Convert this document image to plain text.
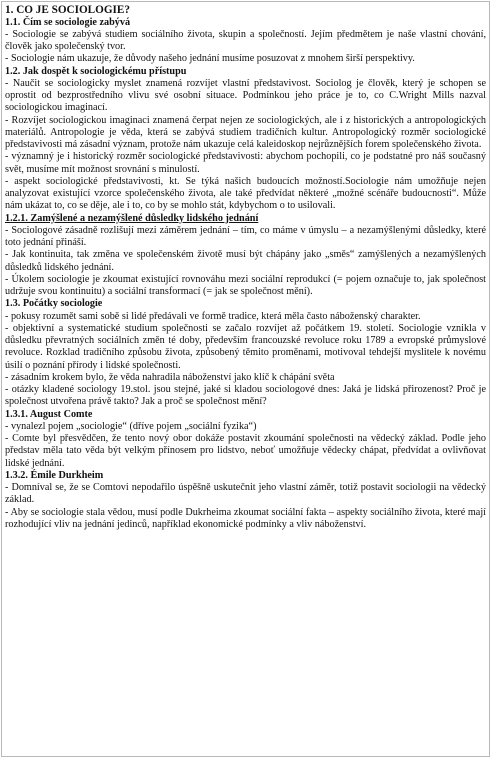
1. CO JE SOCIOLOGIE?
1.1. Čím se sociologie zabývá
- Sociologie se zabývá studiem sociálního života, skupin a společností. Jejím předmětem je naše vlastní chování, člověk jako společenský tvor.
- Sociologie nám ukazuje, že důvody našeho jednání musíme posuzovat z mnohem širší perspektivy.
1.2. Jak dospět k sociologickému přístupu
- Naučit se sociologicky myslet znamená rozvíjet vlastní představivost. Sociolog je člověk, který je schopen se oprostit od bezprostředního vlivu své osobní situace. Podmínkou jeho práce je to, co C.Wright Mills nazval sociologickou imaginací.
- Rozvíjet sociologickou imaginaci znamená čerpat nejen ze sociologických, ale i z historických a antropologických materiálů. Antropologie je věda, která se zabývá studiem tradičních kultur. Antropologický rozměr sociologické představivosti má zásadní význam, protože nám ukazuje celá kaleidoskop nejrůznějších forem společenského života.
- významný je i historický rozměr sociologické představivosti: abychom pochopili, co je podstatné pro náš současný svět, musíme mít možnost srovnání s minulostí.
- aspekt sociologické představivosti, kt. Se týká našich budoucích možností.Sociologie nám umožňuje nejen analyzovat existující vzorce společenského života, ale také předvídat některé „možné scénáře budoucnosti“. Může nám ukázat to, co se děje, ale i to, co by se mohlo stát, kdybychom o to usilovali.
1.2.1. Zamýšlené a nezamýšlené důsledky lidského jednání
- Sociologové zásadně rozlišují mezi záměrem jednání – tím, co máme v úmyslu – a nezamýšlenými důsledky, které toto jednání přináší.
- Jak kontinuita, tak změna ve společenském životě musí být chápány jako „směs“ zamýšlených a nezamýšlených důsledků lidského jednání.
- Úkolem sociologie je zkoumat existující rovnováhu mezi sociální reprodukcí (= pojem označuje to, jak společnost udržuje svou kontinuitu) a sociální transformací (= jak se společnost mění).
1.3. Počátky sociologie
- pokusy rozumět sami sobě si lidé předávali ve formě tradice, která měla často náboženský charakter.
- objektivní a systematické studium společnosti se začalo rozvíjet až počátkem 19. století. Sociologie vznikla v důsledku převratných sociálních změn té doby, především francouzské revoluce roku 1789 a evropské průmyslové revoluce. Rozklad tradičního způsobu života, způsobený těmito proměnami, motivoval tehdejší myslitele k novému úsilí o poznání přírody i lidské společnosti.
- zásadním krokem bylo, že věda nahradila náboženství jako klíč k chápání světa
- otázky kladené sociology 19.stol. jsou stejné, jaké si kladou sociologové dnes: Jaká je lidská přirozenost? Proč je společnost utvořena právě takto? Jak a proč se společnost mění?
1.3.1. August Comte
- vynalezl pojem „sociologie“ (dříve pojem „sociální fyzika“)
- Comte byl přesvědčen, že tento nový obor dokáže postavit zkoumání společnosti na vědecký základ. Podle jeho představ měla tato věda být velkým přínosem pro lidstvo, neboť umožňuje vědecky chápat, předvídat a ovlivňovat lidské jednání.
1.3.2. Émile Durkheim
- Domníval se, že se Comtovi nepodařilo úspěšně uskutečnit jeho vlastní záměr, totiž postavit sociologii na vědecký základ.
- Aby se sociologie stala vědou, musí podle Dukrheima zkoumat sociální fakta – aspekty sociálního života, které mají rozhodující vliv na jednání jedinců, například ekonomické podmínky a vliv náboženství.
